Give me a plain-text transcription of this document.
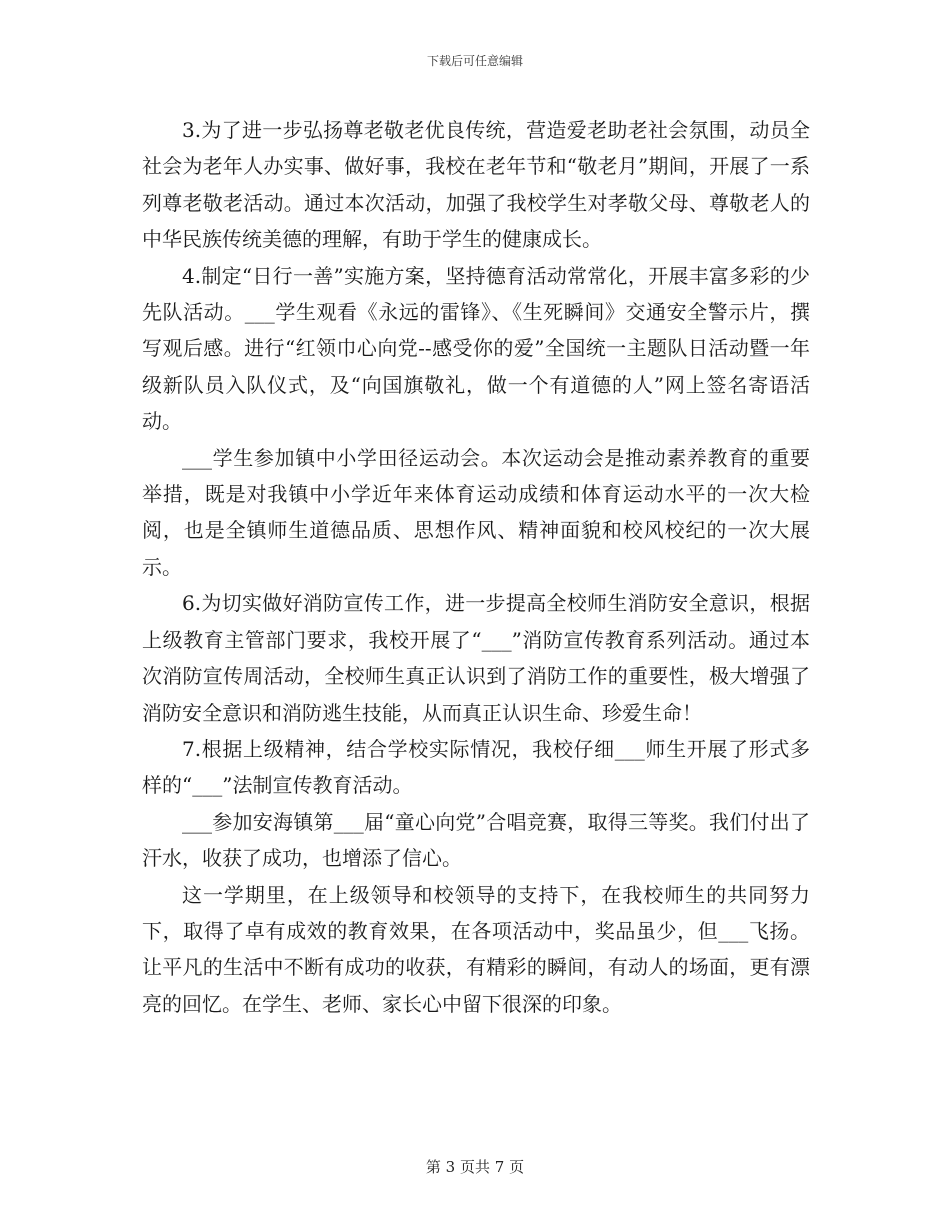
下载后可任意编辑

3.为了进一步弘扬尊老敬老优良传统，营造爱老助老社会氛围，动员全社会为老年人办实事、做好事，我校在老年节和“敬老月”期间，开展了一系列尊老敬老活动。通过本次活动，加强了我校学生对孝敬父母、尊敬老人的中华民族传统美德的理解，有助于学生的健康成长。

4.制定“日行一善”实施方案，坚持德育活动常常化，开展丰富多彩的少先队活动。___学生观看《永远的雷锋》、《生死瞬间》交通安全警示片，撰写观后感。进行“红领巾心向党--感受你的爱”全国统一主题队日活动暨一年级新队员入队仪式，及“向国旗敬礼，做一个有道德的人”网上签名寄语活动。

___学生参加镇中小学田径运动会。本次运动会是推动素养教育的重要举措，既是对我镇中小学近年来体育运动成绩和体育运动水平的一次大检阅，也是全镇师生道德品质、思想作风、精神面貌和校风校纪的一次大展示。

6.为切实做好消防宣传工作，进一步提高全校师生消防安全意识，根据上级教育主管部门要求，我校开展了“___”消防宣传教育系列活动。通过本次消防宣传周活动，全校师生真正认识到了消防工作的重要性，极大增强了消防安全意识和消防逃生技能，从而真正认识生命、珍爱生命！

7.根据上级精神，结合学校实际情况，我校仔细___师生开展了形式多样的“___”法制宣传教育活动。

___参加安海镇第___届“童心向党”合唱竞赛，取得三等奖。我们付出了汗水，收获了成功，也增添了信心。

这一学期里，在上级领导和校领导的支持下，在我校师生的共同努力下，取得了卓有成效的教育效果，在各项活动中，奖品虽少，但___飞扬。让平凡的生活中不断有成功的收获，有精彩的瞬间，有动人的场面，更有漂亮的回忆。在学生、老师、家长心中留下很深的印象。

第 3 页共 7 页
